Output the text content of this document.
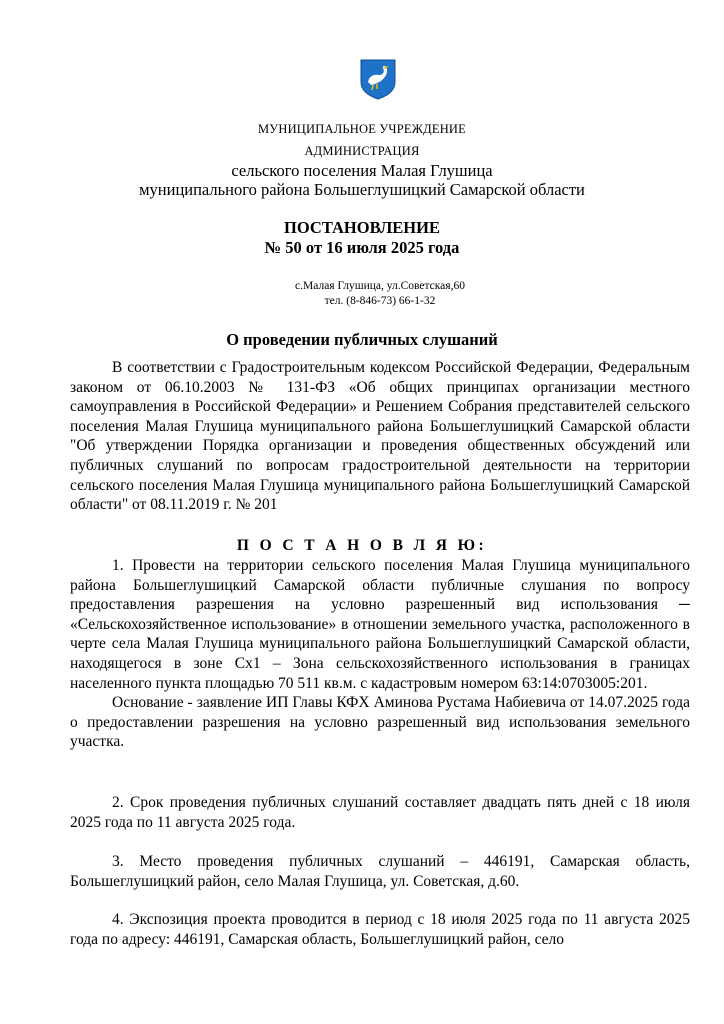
МУНИЦИПАЛЬНОЕ УЧРЕЖДЕНИЕ
АДМИНИСТРАЦИЯ
сельского поселения Малая Глушица
муниципального района Большеглушицкий Самарской области
ПОСТАНОВЛЕНИЕ
№ 50 от 16 июля 2025 года
с.Малая Глушица, ул.Советская,60
тел. (8-846-73) 66-1-32
О проведении публичных слушаний

В соответствии с Градостроительным кодексом Российской Федерации, Федеральным законом от 06.10.2003 № 131-ФЗ «Об общих принципах организации местного самоуправления в Российской Федерации» и Решением Собрания представителей сельского поселения Малая Глушица муниципального района Большеглушицкий Самарской области "Об утверждении Порядка организации и проведения общественных обсуждений или публичных слушаний по вопросам градостроительной деятельности на территории сельского поселения Малая Глушица муниципального района Большеглушицкий Самарской области" от 08.11.2019 г. № 201

П О С Т А Н О В Л Я Ю:

1. Провести на территории сельского поселения Малая Глушица муниципального района Большеглушицкий Самарской области публичные слушания по вопросу предоставления разрешения на условно разрешенный вид использования ─ «Сельскохозяйственное использование» в отношении земельного участка, расположенного в черте села Малая Глушица муниципального района Большеглушицкий Самарской области, находящегося в зоне Сх1 – Зона сельскохозяйственного использования в границах населенного пункта площадью 70 511 кв.м. с кадастровым номером 63:14:0703005:201.

Основание - заявление ИП Главы КФХ Аминова Рустама Набиевича от 14.07.2025 года о предоставлении разрешения на условно разрешенный вид использования земельного участка.

2. Срок проведения публичных слушаний составляет двадцать пять дней с 18 июля 2025 года по 11 августа 2025 года.

3. Место проведения публичных слушаний – 446191, Самарская область, Большеглушицкий район, село Малая Глушица, ул. Советская, д.60.

4. Экспозиция проекта проводится в период с 18 июля 2025 года по 11 августа 2025 года по адресу: 446191, Самарская область, Большеглушицкий район, село
